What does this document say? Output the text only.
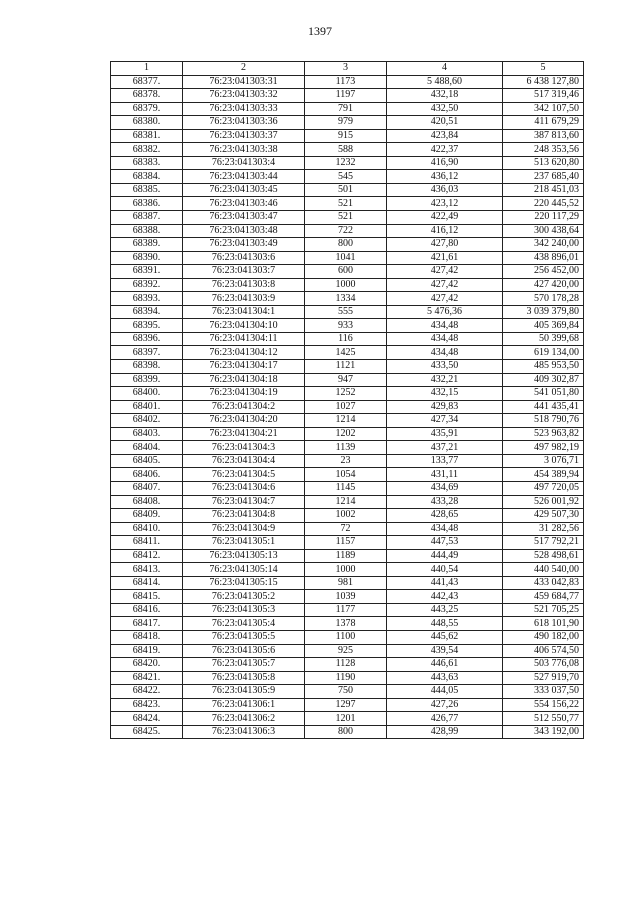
1397
1	2	3	4	5
68377.	76:23:041303:31	1173	5 488,60	6 438 127,80
68378.	76:23:041303:32	1197	432,18	517 319,46
68379.	76:23:041303:33	791	432,50	342 107,50
68380.	76:23:041303:36	979	420,51	411 679,29
68381.	76:23:041303:37	915	423,84	387 813,60
68382.	76:23:041303:38	588	422,37	248 353,56
68383.	76:23:041303:4	1232	416,90	513 620,80
68384.	76:23:041303:44	545	436,12	237 685,40
68385.	76:23:041303:45	501	436,03	218 451,03
68386.	76:23:041303:46	521	423,12	220 445,52
68387.	76:23:041303:47	521	422,49	220 117,29
68388.	76:23:041303:48	722	416,12	300 438,64
68389.	76:23:041303:49	800	427,80	342 240,00
68390.	76:23:041303:6	1041	421,61	438 896,01
68391.	76:23:041303:7	600	427,42	256 452,00
68392.	76:23:041303:8	1000	427,42	427 420,00
68393.	76:23:041303:9	1334	427,42	570 178,28
68394.	76:23:041304:1	555	5 476,36	3 039 379,80
68395.	76:23:041304:10	933	434,48	405 369,84
68396.	76:23:041304:11	116	434,48	50 399,68
68397.	76:23:041304:12	1425	434,48	619 134,00
68398.	76:23:041304:17	1121	433,50	485 953,50
68399.	76:23:041304:18	947	432,21	409 302,87
68400.	76:23:041304:19	1252	432,15	541 051,80
68401.	76:23:041304:2	1027	429,83	441 435,41
68402.	76:23:041304:20	1214	427,34	518 790,76
68403.	76:23:041304:21	1202	435,91	523 963,82
68404.	76:23:041304:3	1139	437,21	497 982,19
68405.	76:23:041304:4	23	133,77	3 076,71
68406.	76:23:041304:5	1054	431,11	454 389,94
68407.	76:23:041304:6	1145	434,69	497 720,05
68408.	76:23:041304:7	1214	433,28	526 001,92
68409.	76:23:041304:8	1002	428,65	429 507,30
68410.	76:23:041304:9	72	434,48	31 282,56
68411.	76:23:041305:1	1157	447,53	517 792,21
68412.	76:23:041305:13	1189	444,49	528 498,61
68413.	76:23:041305:14	1000	440,54	440 540,00
68414.	76:23:041305:15	981	441,43	433 042,83
68415.	76:23:041305:2	1039	442,43	459 684,77
68416.	76:23:041305:3	1177	443,25	521 705,25
68417.	76:23:041305:4	1378	448,55	618 101,90
68418.	76:23:041305:5	1100	445,62	490 182,00
68419.	76:23:041305:6	925	439,54	406 574,50
68420.	76:23:041305:7	1128	446,61	503 776,08
68421.	76:23:041305:8	1190	443,63	527 919,70
68422.	76:23:041305:9	750	444,05	333 037,50
68423.	76:23:041306:1	1297	427,26	554 156,22
68424.	76:23:041306:2	1201	426,77	512 550,77
68425.	76:23:041306:3	800	428,99	343 192,00
